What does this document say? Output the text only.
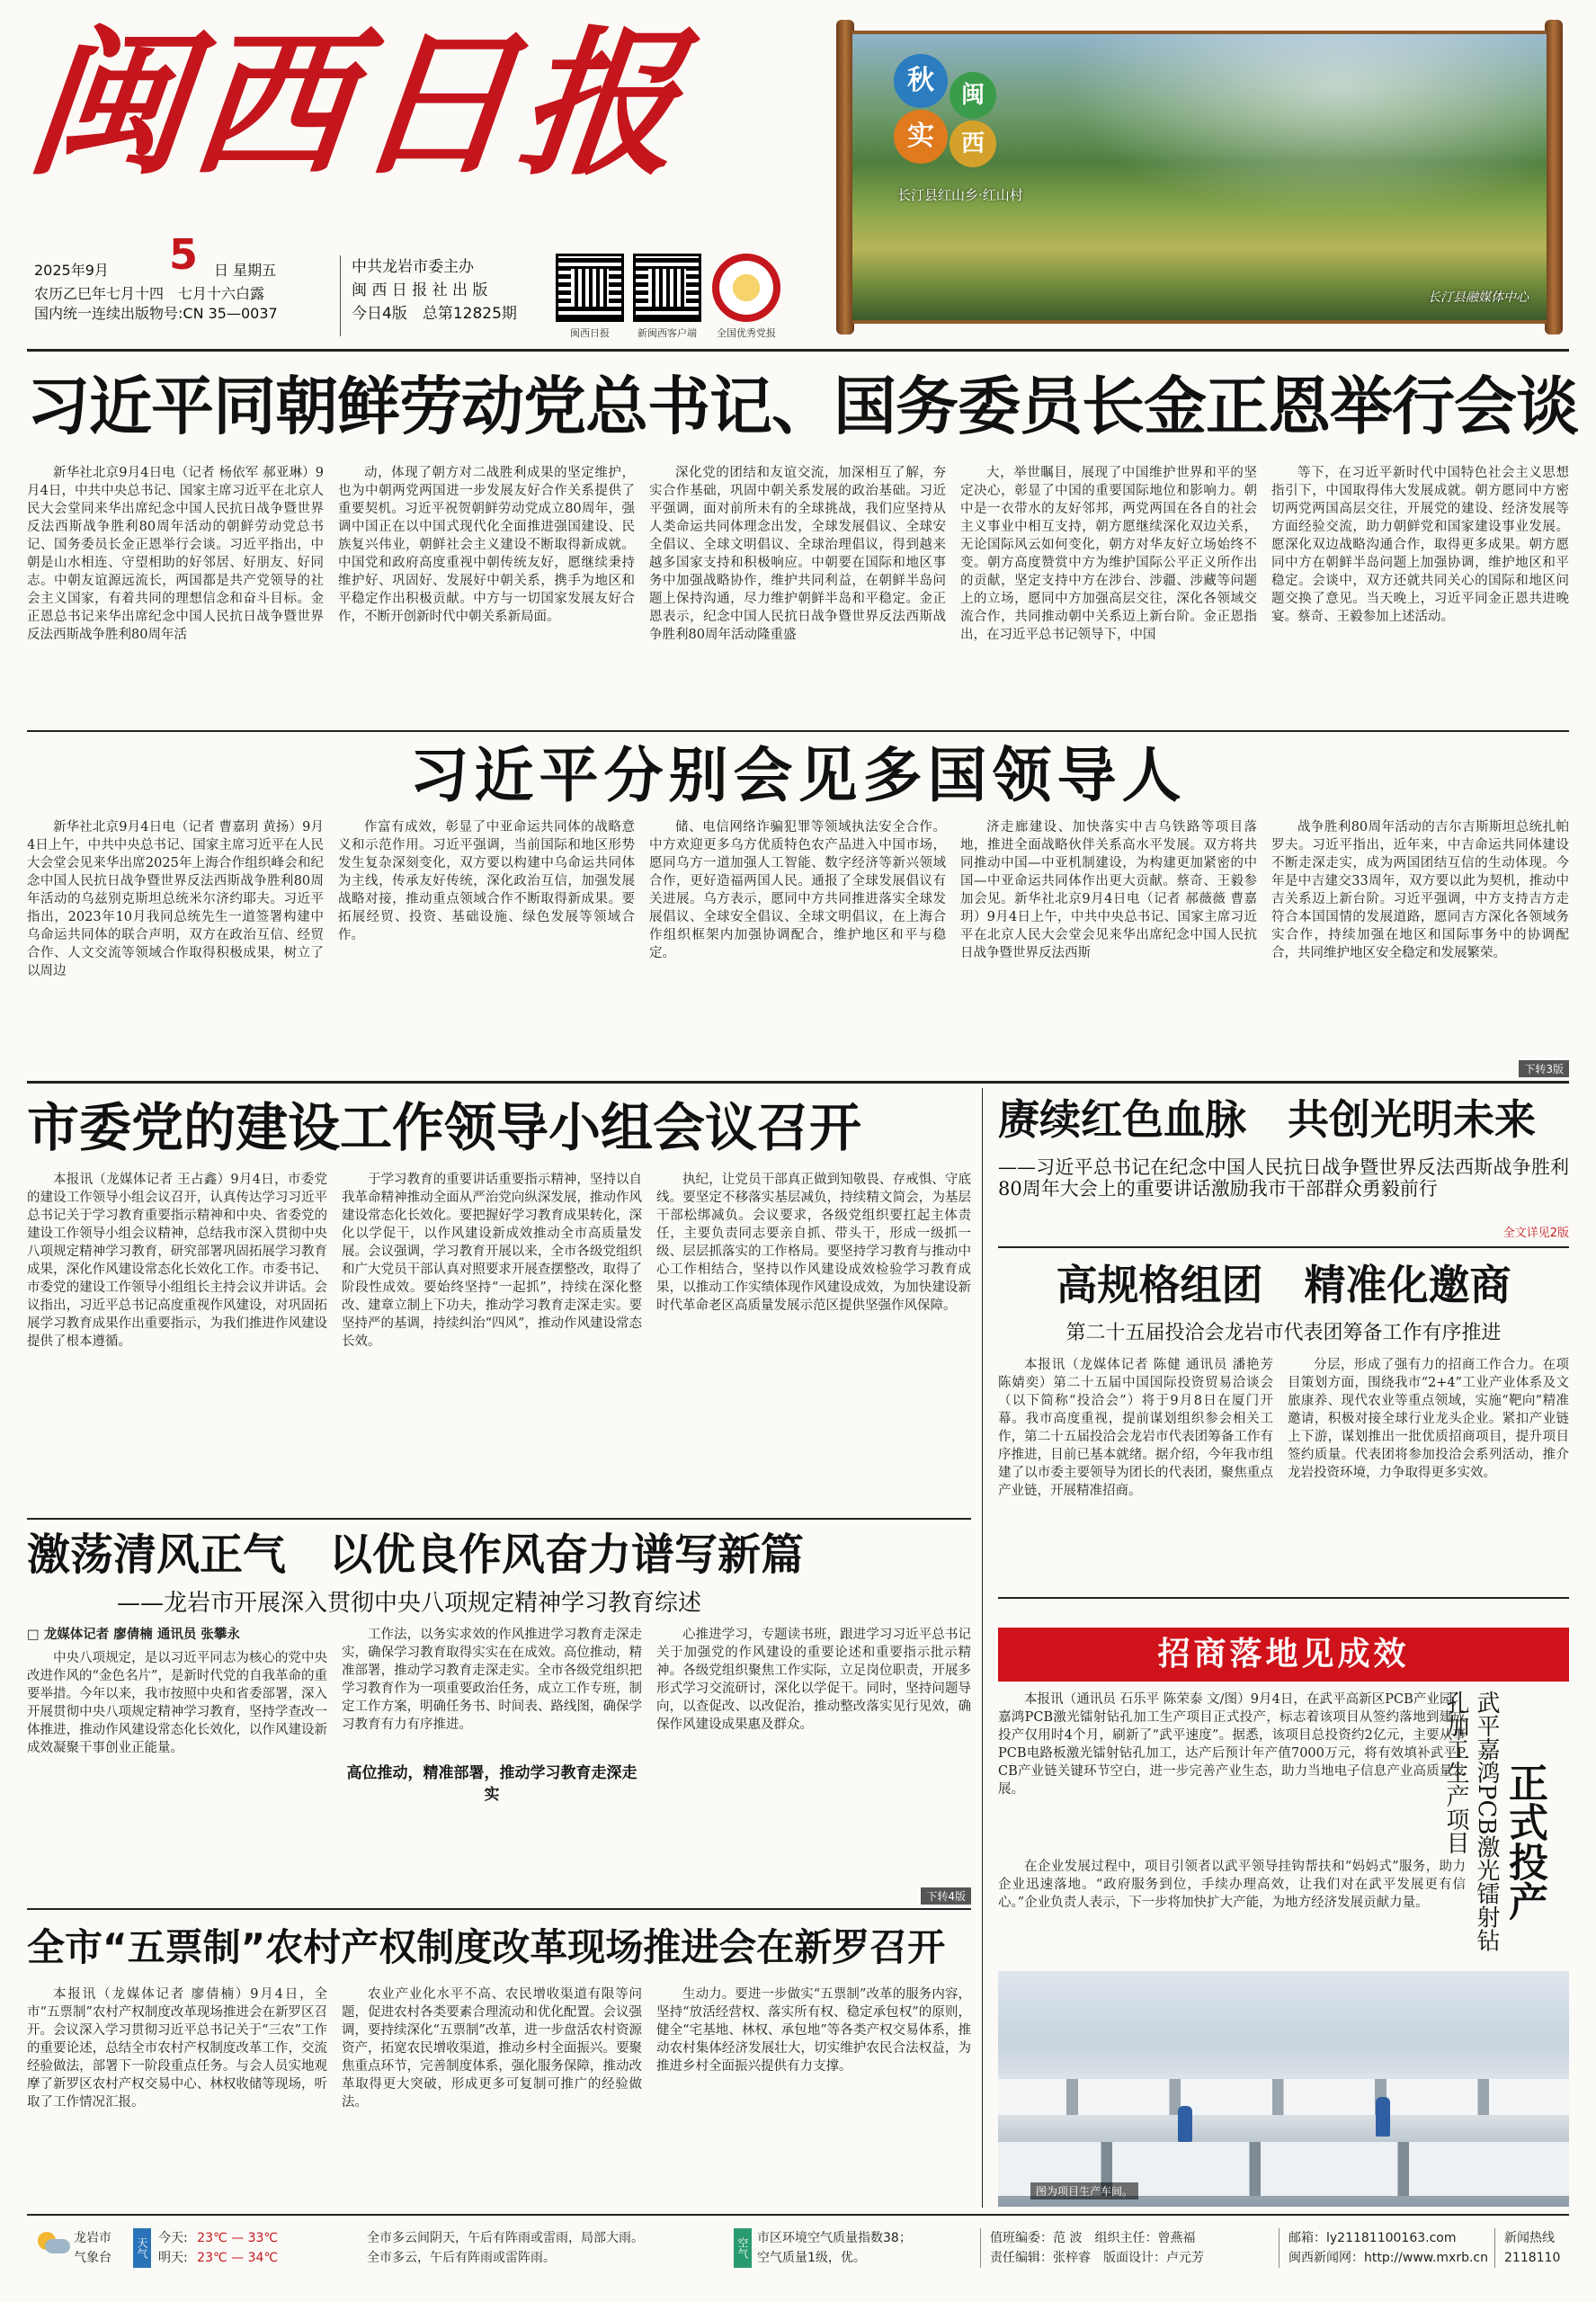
闽西日报
2025年9月 5 日 星期五
农历乙巳年七月十四　七月十六白露
国内统一连续出版物号:CN 35—0037
中共龙岩市委主办
闽 西 日 报 社 出 版
今日4版　总第12825期
闽西日报	新闽西客户端	全国优秀党报
秋
实
闽
西
长汀县红山乡·红山村
长汀县融媒体中心
习近平同朝鲜劳动党总书记、国务委员长金正恩举行会谈

新华社北京9月4日电（记者 杨依军 郝亚琳）9月4日，中共中央总书记、国家主席习近平在北京人民大会堂同来华出席纪念中国人民抗日战争暨世界反法西斯战争胜利80周年活动的朝鲜劳动党总书记、国务委员长金正恩举行会谈。习近平指出，中朝是山水相连、守望相助的好邻居、好朋友、好同志。中朝友谊源远流长，两国都是共产党领导的社会主义国家，有着共同的理想信念和奋斗目标。金正恩总书记来华出席纪念中国人民抗日战争暨世界反法西斯战争胜利80周年活

动，体现了朝方对二战胜利成果的坚定维护，也为中朝两党两国进一步发展友好合作关系提供了重要契机。习近平祝贺朝鲜劳动党成立80周年，强调中国正在以中国式现代化全面推进强国建设、民族复兴伟业，朝鲜社会主义建设不断取得新成就。中国党和政府高度重视中朝传统友好，愿继续秉持维护好、巩固好、发展好中朝关系，携手为地区和平稳定作出积极贡献。中方与一切国家发展友好合作，不断开创新时代中朝关系新局面。

深化党的团结和友谊交流，加深相互了解，夯实合作基础，巩固中朝关系发展的政治基础。习近平强调，面对前所未有的全球挑战，我们应坚持从人类命运共同体理念出发，全球发展倡议、全球安全倡议、全球文明倡议、全球治理倡议，得到越来越多国家支持和积极响应。中朝要在国际和地区事务中加强战略协作，维护共同利益，在朝鲜半岛问题上保持沟通，尽力维护朝鲜半岛和平稳定。金正恩表示，纪念中国人民抗日战争暨世界反法西斯战争胜利80周年活动隆重盛

大，举世瞩目，展现了中国维护世界和平的坚定决心，彰显了中国的重要国际地位和影响力。朝中是一衣带水的友好邻邦，两党两国在各自的社会主义事业中相互支持，朝方愿继续深化双边关系，无论国际风云如何变化，朝方对华友好立场始终不变。朝方高度赞赏中方为维护国际公平正义所作出的贡献，坚定支持中方在涉台、涉疆、涉藏等问题上的立场，愿同中方加强高层交往，深化各领域交流合作，共同推动朝中关系迈上新台阶。金正恩指出，在习近平总书记领导下，中国

等下，在习近平新时代中国特色社会主义思想指引下，中国取得伟大发展成就。朝方愿同中方密切两党两国高层交往，开展党的建设、经济发展等方面经验交流，助力朝鲜党和国家建设事业发展。愿深化双边战略沟通合作，取得更多成果。朝方愿同中方在朝鲜半岛问题上加强协调，维护地区和平稳定。会谈中，双方还就共同关心的国际和地区问题交换了意见。当天晚上，习近平同金正恩共进晚宴。蔡奇、王毅参加上述活动。

习近平分别会见多国领导人

新华社北京9月4日电（记者 曹嘉玥 黄扬）9月4日上午，中共中央总书记、国家主席习近平在人民大会堂会见来华出席2025年上海合作组织峰会和纪念中国人民抗日战争暨世界反法西斯战争胜利80周年活动的乌兹别克斯坦总统米尔济约耶夫。习近平指出，2023年10月我同总统先生一道签署构建中乌命运共同体的联合声明，双方在政治互信、经贸合作、人文交流等领域合作取得积极成果，树立了以周边

作富有成效，彰显了中亚命运共同体的战略意义和示范作用。习近平强调，当前国际和地区形势发生复杂深刻变化，双方要以构建中乌命运共同体为主线，传承友好传统，深化政治互信，加强发展战略对接，推动重点领域合作不断取得新成果。要拓展经贸、投资、基础设施、绿色发展等领域合作。

储、电信网络诈骗犯罪等领域执法安全合作。中方欢迎更多乌方优质特色农产品进入中国市场，愿同乌方一道加强人工智能、数字经济等新兴领域合作，更好造福两国人民。通报了全球发展倡议有关进展。乌方表示，愿同中方共同推进落实全球发展倡议、全球安全倡议、全球文明倡议，在上海合作组织框架内加强协调配合，维护地区和平与稳定。

济走廊建设、加快落实中吉乌铁路等项目落地，推进全面战略伙伴关系高水平发展。双方将共同推动中国—中亚机制建设，为构建更加紧密的中国—中亚命运共同体作出更大贡献。蔡奇、王毅参加会见。新华社北京9月4日电（记者 郝薇薇 曹嘉玥）9月4日上午，中共中央总书记、国家主席习近平在北京人民大会堂会见来华出席纪念中国人民抗日战争暨世界反法西斯

战争胜利80周年活动的吉尔吉斯斯坦总统扎帕罗夫。习近平指出，近年来，中吉命运共同体建设不断走深走实，成为两国团结互信的生动体现。今年是中吉建交33周年，双方要以此为契机，推动中吉关系迈上新台阶。习近平强调，中方支持吉方走符合本国国情的发展道路，愿同吉方深化各领域务实合作，持续加强在地区和国际事务中的协调配合，共同维护地区安全稳定和发展繁荣。

下转3版
市委党的建设工作领导小组会议召开

本报讯（龙媒体记者 王占鑫）9月4日，市委党的建设工作领导小组会议召开，认真传达学习习近平总书记关于学习教育重要指示精神和中央、省委党的建设工作领导小组会议精神，总结我市深入贯彻中央八项规定精神学习教育，研究部署巩固拓展学习教育成果，深化作风建设常态化长效化工作。市委书记、市委党的建设工作领导小组组长主持会议并讲话。会议指出，习近平总书记高度重视作风建设，对巩固拓展学习教育成果作出重要指示，为我们推进作风建设提供了根本遵循。

于学习教育的重要讲话重要指示精神，坚持以自我革命精神推动全面从严治党向纵深发展，推动作风建设常态化长效化。要把握好学习教育成果转化，深化以学促干，以作风建设新成效推动全市高质量发展。会议强调，学习教育开展以来，全市各级党组织和广大党员干部认真对照要求开展查摆整改，取得了阶段性成效。要始终坚持“一起抓”，持续在深化整改、建章立制上下功夫，推动学习教育走深走实。要坚持严的基调，持续纠治“四风”，推动作风建设常态长效。

执纪，让党员干部真正做到知敬畏、存戒惧、守底线。要坚定不移落实基层减负，持续精文简会，为基层干部松绑减负。会议要求，各级党组织要扛起主体责任，主要负责同志要亲自抓、带头干，形成一级抓一级、层层抓落实的工作格局。要坚持学习教育与推动中心工作相结合，坚持以作风建设成效检验学习教育成果，以推动工作实绩体现作风建设成效，为加快建设新时代革命老区高质量发展示范区提供坚强作风保障。

激荡清风正气　以优良作风奋力谱写新篇
——龙岩市开展深入贯彻中央八项规定精神学习教育综述
□ 龙媒体记者 廖倩楠 通讯员 张攀永

中央八项规定，是以习近平同志为核心的党中央改进作风的“金色名片”，是新时代党的自我革命的重要举措。今年以来，我市按照中央和省委部署，深入开展贯彻中央八项规定精神学习教育，坚持学查改一体推进，推动作风建设常态化长效化，以作风建设新成效凝聚干事创业正能量。

工作法，以务实求效的作风推进学习教育走深走实，确保学习教育取得实实在在成效。高位推动，精准部署，推动学习教育走深走实。全市各级党组织把学习教育作为一项重要政治任务，成立工作专班，制定工作方案，明确任务书、时间表、路线图，确保学习教育有力有序推进。

高位推动，精准部署，推动学习教育走深走实

心推进学习，专题读书班，跟进学习习近平总书记关于加强党的作风建设的重要论述和重要指示批示精神。各级党组织聚焦工作实际，立足岗位职责，开展多形式学习交流研讨，深化以学促干。同时，坚持问题导向，以查促改、以改促治，推动整改落实见行见效，确保作风建设成果惠及群众。

下转4版
全市“五票制”农村产权制度改革现场推进会在新罗召开

本报讯（龙媒体记者 廖倩楠）9月4日，全市“五票制”农村产权制度改革现场推进会在新罗区召开。会议深入学习贯彻习近平总书记关于“三农”工作的重要论述，总结全市农村产权制度改革工作，交流经验做法，部署下一阶段重点任务。与会人员实地观摩了新罗区农村产权交易中心、林权收储等现场，听取了工作情况汇报。

农业产业化水平不高、农民增收渠道有限等问题，促进农村各类要素合理流动和优化配置。会议强调，要持续深化“五票制”改革，进一步盘活农村资源资产，拓宽农民增收渠道，推动乡村全面振兴。要聚焦重点环节，完善制度体系，强化服务保障，推动改革取得更大突破，形成更多可复制可推广的经验做法。

生动力。要进一步做实“五票制”改革的服务内容，坚持“放活经营权、落实所有权、稳定承包权”的原则，健全“宅基地、林权、承包地”等各类产权交易体系，推动农村集体经济发展壮大，切实维护农民合法权益，为推进乡村全面振兴提供有力支撑。

赓续红色血脉　共创光明未来
——习近平总书记在纪念中国人民抗日战争暨世界反法西斯战争胜利80周年大会上的重要讲话激励我市干部群众勇毅前行
全文详见2版
高规格组团　精准化邀商
第二十五届投洽会龙岩市代表团筹备工作有序推进

本报讯（龙媒体记者 陈健 通讯员 潘艳芳 陈婧奕）第二十五届中国国际投资贸易洽谈会（以下简称“投洽会”）将于9月8日在厦门开幕。我市高度重视，提前谋划组织参会相关工作，第二十五届投洽会龙岩市代表团筹备工作有序推进，目前已基本就绪。据介绍，今年我市组建了以市委主要领导为团长的代表团，聚焦重点产业链，开展精准招商。

分层，形成了强有力的招商工作合力。在项目策划方面，围绕我市“2+4”工业产业体系及文旅康养、现代农业等重点领域，实施“靶向”精准邀请，积极对接全球行业龙头企业。紧扣产业链上下游，谋划推出一批优质招商项目，提升项目签约质量。代表团将参加投洽会系列活动，推介龙岩投资环境，力争取得更多实效。

招商落地见成效

本报讯（通讯员 石乐平 陈荣泰 文/图）9月4日，在武平高新区PCB产业园，嘉鸿PCB激光镭射钻孔加工生产项目正式投产，标志着该项目从签约落地到建成投产仅用时4个月，刷新了“武平速度”。据悉，该项目总投资约2亿元，主要从事PCB电路板激光镭射钻孔加工，达产后预计年产值7000万元，将有效填补武平PCB产业链关键环节空白，进一步完善产业生态，助力当地电子信息产业高质量发展。

在企业发展过程中，项目引领者以武平领导挂钩帮扶和“妈妈式”服务，助力企业迅速落地。“政府服务到位，手续办理高效，让我们对在武平发展更有信心。”企业负责人表示，下一步将加快扩大产能，为地方经济发展贡献力量。	正式投产
武平嘉鸿PCB激光镭射钻孔加工生产项目
图为项目生产车间。
龙岩市
气象台	天气 今天: 23℃ — 33℃
明天: 23℃ — 34℃
全市多云间阴天，午后有阵雨或雷雨，局部大雨。
全市多云，午后有阵雨或雷阵雨。	空气 市区环境空气质量指数38；
空气质量1级，优。
值班编委：范 波　组织主任：曾燕福
责任编辑：张梓睿　版面设计：卢元芳
邮箱：ly21181100163.com
闽西新闻网：http://www.mxrb.cn
新闻热线
2118110
